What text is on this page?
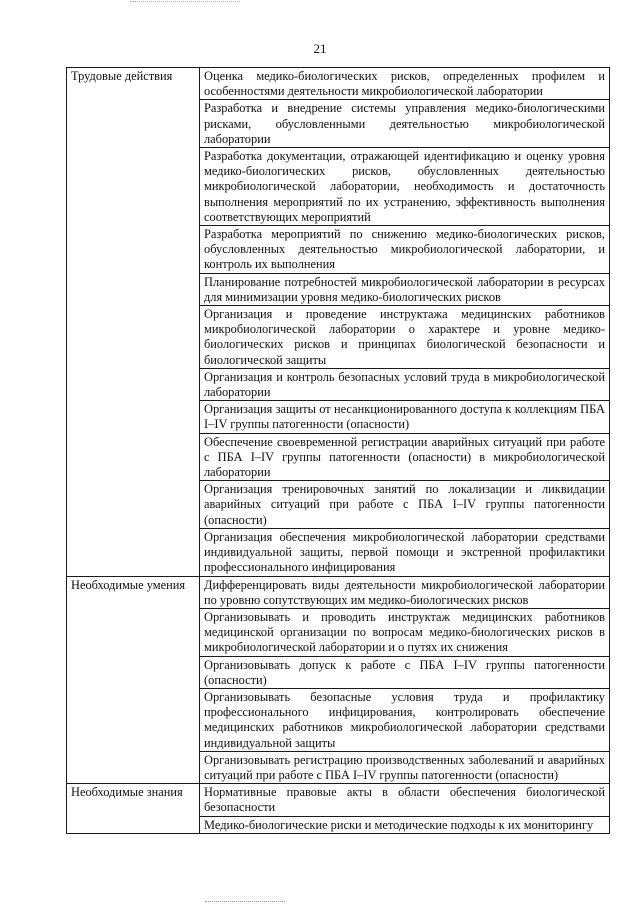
21
Трудовые действия	Оценка медико-биологических рисков, определенных профилем и особенностями деятельности микробиологической лаборатории
	Разработка и внедрение системы управления медико-биологическими рисками, обусловленными деятельностью микробиологической лаборатории
	Разработка документации, отражающей идентификацию и оценку уровня медико-биологических рисков, обусловленных деятельностью микробиологической лаборатории, необходимость и достаточность выполнения мероприятий по их устранению, эффективность выполнения соответствующих мероприятий
	Разработка мероприятий по снижению медико-биологических рисков, обусловленных деятельностью микробиологической лаборатории, и контроль их выполнения
	Планирование потребностей микробиологической лаборатории в ресурсах для минимизации уровня медико-биологических рисков
	Организация и проведение инструктажа медицинских работников микробиологической лаборатории о характере и уровне медико-биологических рисков и принципах биологической безопасности и биологической защиты
	Организация и контроль безопасных условий труда в микробиологической лаборатории
	Организация защиты от несанкционированного доступа к коллекциям ПБА I–IV группы патогенности (опасности)
	Обеспечение своевременной регистрации аварийных ситуаций при работе с ПБА I–IV группы патогенности (опасности) в микробиологической лаборатории
	Организация тренировочных занятий по локализации и ликвидации аварийных ситуаций при работе с ПБА I–IV группы патогенности (опасности)
	Организация обеспечения микробиологической лаборатории средствами индивидуальной защиты, первой помощи и экстренной профилактики профессионального инфицирования
Необходимые умения	Дифференцировать виды деятельности микробиологической лаборатории по уровню сопутствующих им медико-биологических рисков
	Организовывать и проводить инструктаж медицинских работников медицинской организации по вопросам медико-биологических рисков в микробиологической лаборатории и о путях их снижения
	Организовывать допуск к работе с ПБА I–IV группы патогенности (опасности)
	Организовывать безопасные условия труда и профилактику профессионального инфицирования, контролировать обеспечение медицинских работников микробиологической лаборатории средствами индивидуальной защиты
	Организовывать регистрацию производственных заболеваний и аварийных ситуаций при работе с ПБА I–IV группы патогенности (опасности)
Необходимые знания	Нормативные правовые акты в области обеспечения биологической безопасности
	Медико-биологические риски и методические подходы к их мониторингу
